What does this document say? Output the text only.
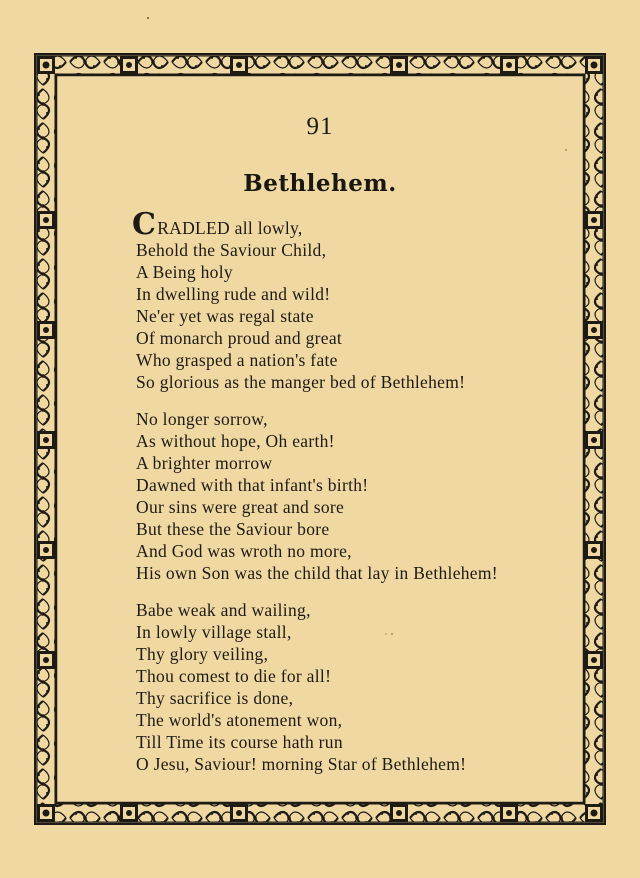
91
Bethlehem.
CRADLED all lowly,
Behold the Saviour Child,
A Being holy
In dwelling rude and wild!
Ne'er yet was regal state
Of monarch proud and great
Who grasped a nation's fate
So glorious as the manger bed of Bethlehem!
No longer sorrow,
As without hope, Oh earth!
A brighter morrow
Dawned with that infant's birth!
Our sins were great and sore
But these the Saviour bore
And God was wroth no more,
His own Son was the child that lay in Bethlehem!
Babe weak and wailing,
In lowly village stall,
Thy glory veiling,
Thou comest to die for all!
Thy sacrifice is done,
The world's atonement won,
Till Time its course hath run
O Jesu, Saviour! morning Star of Bethlehem!
